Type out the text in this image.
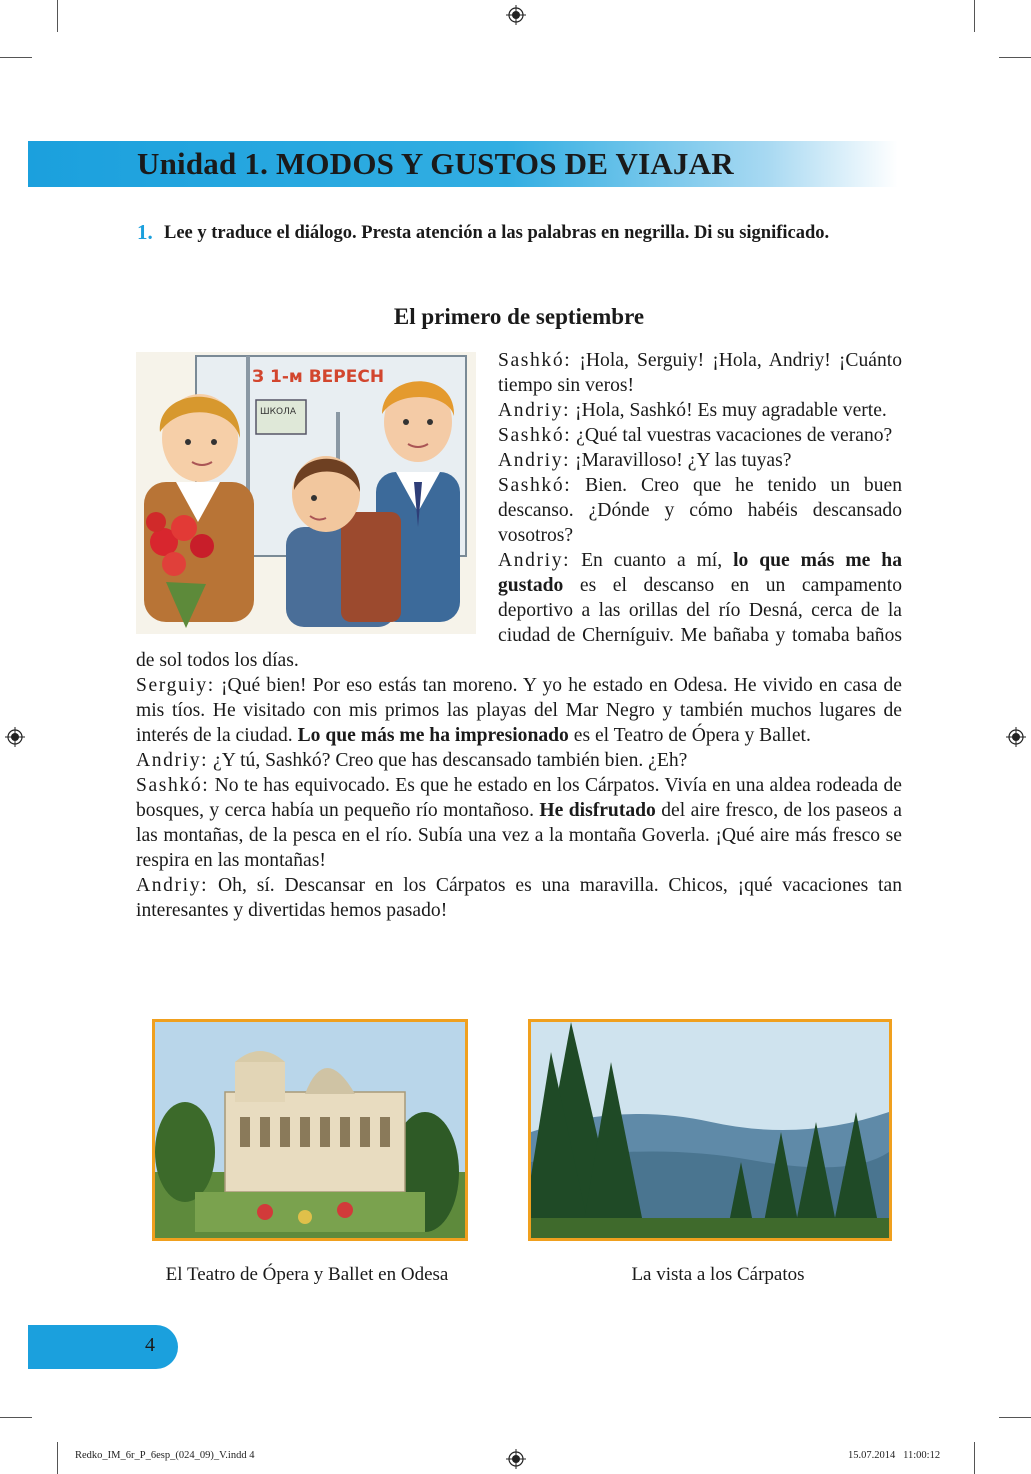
Unidad 1. MODOS Y GUSTOS DE VIAJAR
1. Lee y traduce el diálogo. Presta atención a las palabras en negrilla. Di su significado.
El primero de septiembre
ШКОЛА
З 1-м ВЕРЕСН

Sashkó: ¡Hola, Serguiy! ¡Hola, Andriy! ¡Cuánto tiempo sin veros!

Andriy: ¡Hola, Sashkó! Es muy agradable verte.

Sashkó: ¿Qué tal vuestras vacaciones de verano?

Andriy: ¡Maravilloso! ¿Y las tuyas?

Sashkó: Bien. Creo que he tenido un buen descanso. ¿Dónde y cómo habéis descansado vosotros?

Andriy: En cuanto a mí, lo que más me ha gustado es el descanso en un campamento deportivo a las orillas del río Desná, cerca de la ciudad de Cherníguiv. Me bañaba y tomaba baños de sol todos los días.

Serguiy: ¡Qué bien! Por eso estás tan moreno. Y yo he estado en Odesa. He vivido en casa de mis tíos. He visitado con mis primos las playas del Mar Negro y también muchos lugares de interés de la ciudad. Lo que más me ha impresionado es el Teatro de Ópera y Ballet.

Andriy: ¿Y tú, Sashkó? Creo que has descansado también bien. ¿Eh?

Sashkó: No te has equivocado. Es que he estado en los Cárpatos. Vivía en una aldea rodeada de bosques, y cerca había un pequeño río montañoso. He disfrutado del aire fresco, de los paseos a las montañas, de la pesca en el río. Subía una vez a la montaña Goverla. ¡Qué aire más fresco se respira en las montañas!

Andriy: Oh, sí. Descansar en los Cárpatos es una maravilla. Chicos, ¡qué vacaciones tan interesantes y divertidas hemos pasado!

El Teatro de Ópera y Ballet en Odesa	La vista a los Cárpatos
4
Redko_IM_6r_P_6esp_(024_09)_V.indd 4	15.07.2014   11:00:12
